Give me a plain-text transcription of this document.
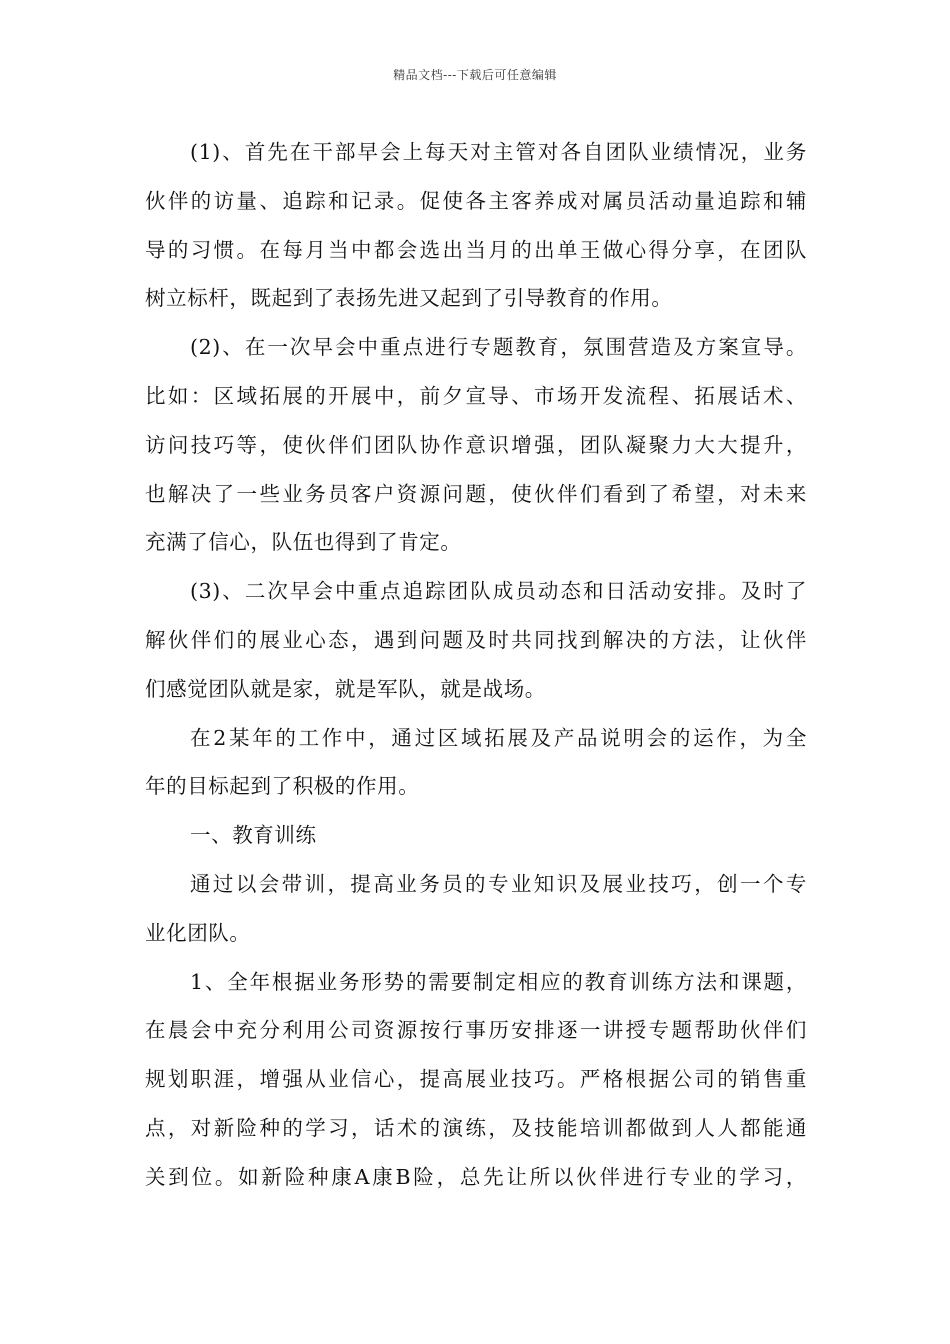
精品文档---下载后可任意编辑
(1)、首先在干部早会上每天对主管对各自团队业绩情况，业务
伙伴的访量、追踪和记录。促使各主客养成对属员活动量追踪和辅
导的习惯。在每月当中都会选出当月的出单王做心得分享，在团队
树立标杆，既起到了表扬先进又起到了引导教育的作用。
(2)、在一次早会中重点进行专题教育，氛围营造及方案宣导。
比如：区域拓展的开展中，前夕宣导、市场开发流程、拓展话术、
访问技巧等，使伙伴们团队协作意识增强，团队凝聚力大大提升，
也解决了一些业务员客户资源问题，使伙伴们看到了希望，对未来
充满了信心，队伍也得到了肯定。
(3)、二次早会中重点追踪团队成员动态和日活动安排。及时了
解伙伴们的展业心态，遇到问题及时共同找到解决的方法，让伙伴
们感觉团队就是家，就是军队，就是战场。
在2某年的工作中，通过区域拓展及产品说明会的运作，为全
年的目标起到了积极的作用。
一、教育训练
通过以会带训，提高业务员的专业知识及展业技巧，创一个专
业化团队。
1、全年根据业务形势的需要制定相应的教育训练方法和课题，
在晨会中充分利用公司资源按行事历安排逐一讲授专题帮助伙伴们
规划职涯，增强从业信心，提高展业技巧。严格根据公司的销售重
点，对新险种的学习，话术的演练，及技能培训都做到人人都能通
关到位。如新险种康A康B险，总先让所以伙伴进行专业的学习，
